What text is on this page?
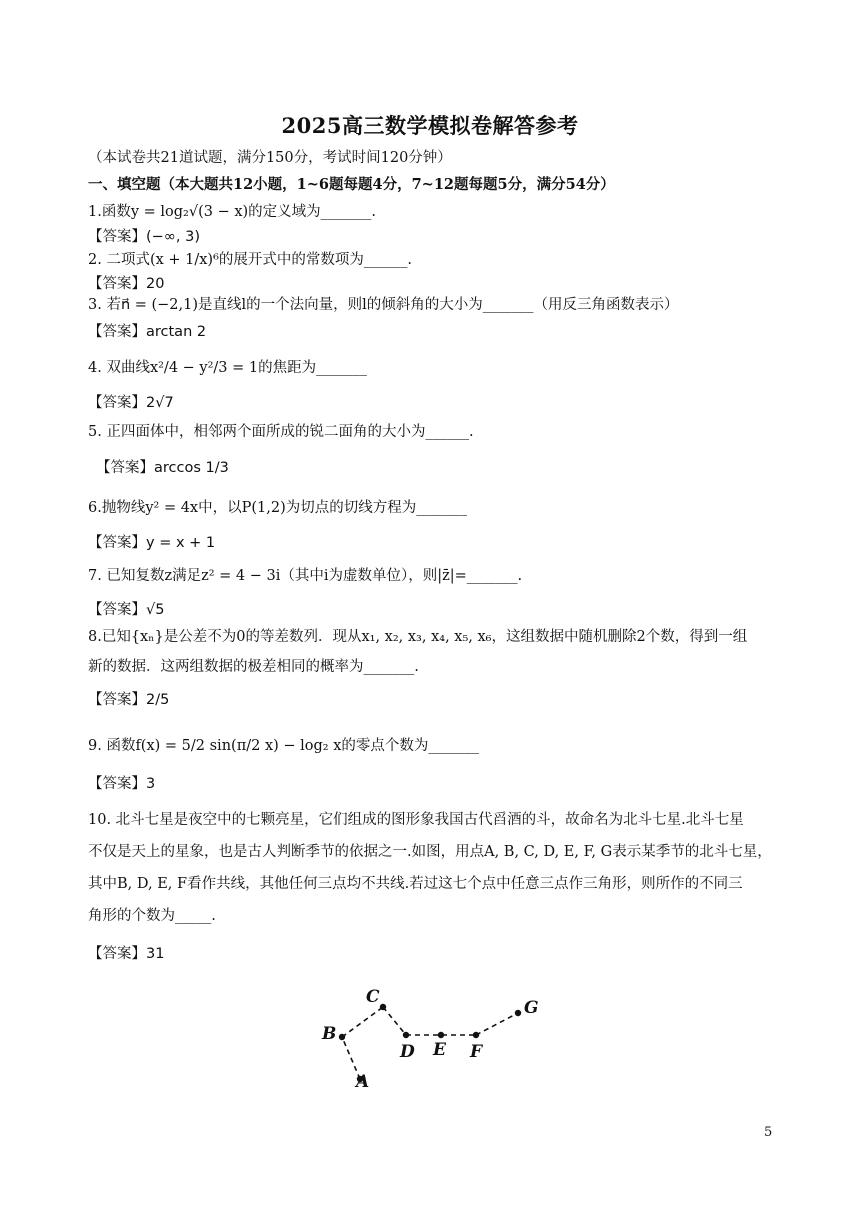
2025高三数学模拟卷解答参考
（本试卷共21道试题，满分150分，考试时间120分钟）
一、填空题（本大题共12小题，1~6题每题4分，7~12题每题5分，满分54分）
1.函数y = log₂√(3 − x)的定义域为_______.
【答案】(−∞, 3)
2. 二项式(x + 1/x)⁶的展开式中的常数项为______.
【答案】20
3. 若n⃗ = (−2,1)是直线l的一个法向量，则l的倾斜角的大小为_______（用反三角函数表示）
【答案】arctan 2
4. 双曲线x²/4 − y²/3 = 1的焦距为_______
【答案】2√7
5. 正四面体中，相邻两个面所成的锐二面角的大小为______.
【答案】arccos 1/3
6.抛物线y² = 4x中，以P(1,2)为切点的切线方程为_______
【答案】y = x + 1
7. 已知复数z满足z² = 4 − 3i（其中i为虚数单位），则|z̄|=_______.
【答案】√5
8.已知{xₙ}是公差不为0的等差数列．现从x₁, x₂, x₃, x₄, x₅, x₆，这组数据中随机删除2个数，得到一组
新的数据．这两组数据的极差相同的概率为_______.
【答案】2/5
9. 函数f(x) = 5/2 sin(π/2 x) − log₂ x的零点个数为_______
【答案】3
10. 北斗七星是夜空中的七颗亮星，它们组成的图形象我国古代舀酒的斗，故命名为北斗七星.北斗七星
不仅是天上的星象，也是古人判断季节的依据之一.如图，用点A, B, C, D, E, F, G表示某季节的北斗七星，
其中B, D, E, F看作共线，其他任何三点均不共线.若过这七个点中任意三点作三角形，则所作的不同三
角形的个数为_____.
【答案】31
A
B
C
D E F
G
5
